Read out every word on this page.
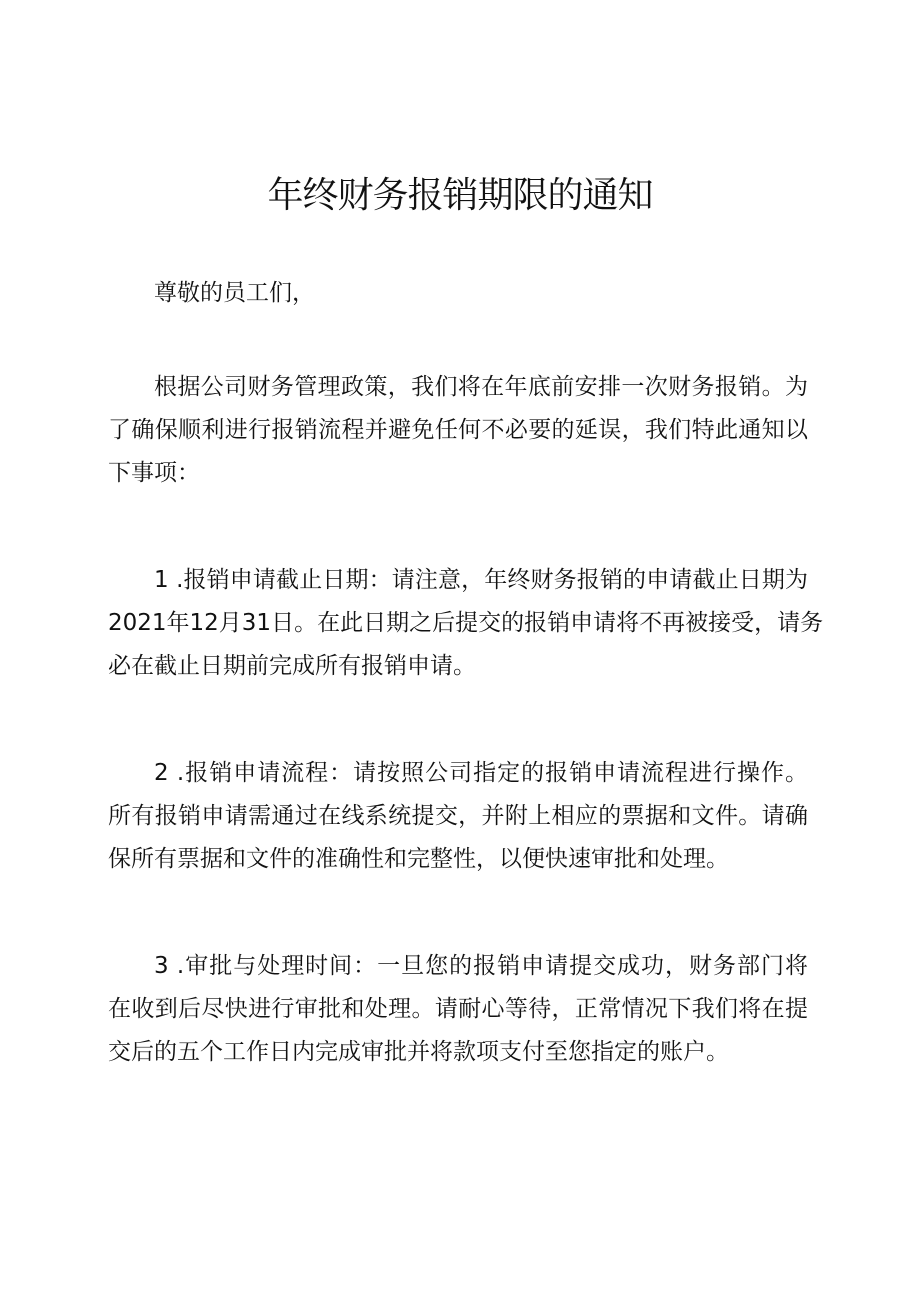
年终财务报销期限的通知

尊敬的员工们，

根据公司财务管理政策，我们将在年底前安排一次财务报销。为
了确保顺利进行报销流程并避免任何不必要的延误，我们特此通知以
下事项：

1 .报销申请截止日期：请注意，年终财务报销的申请截止日期为
2021年12月31日。在此日期之后提交的报销申请将不再被接受，请务
必在截止日期前完成所有报销申请。

2 .报销申请流程：请按照公司指定的报销申请流程进行操作。
所有报销申请需通过在线系统提交，并附上相应的票据和文件。请确
保所有票据和文件的准确性和完整性，以便快速审批和处理。

3 .审批与处理时间：一旦您的报销申请提交成功，财务部门将
在收到后尽快进行审批和处理。请耐心等待，正常情况下我们将在提
交后的五个工作日内完成审批并将款项支付至您指定的账户。
